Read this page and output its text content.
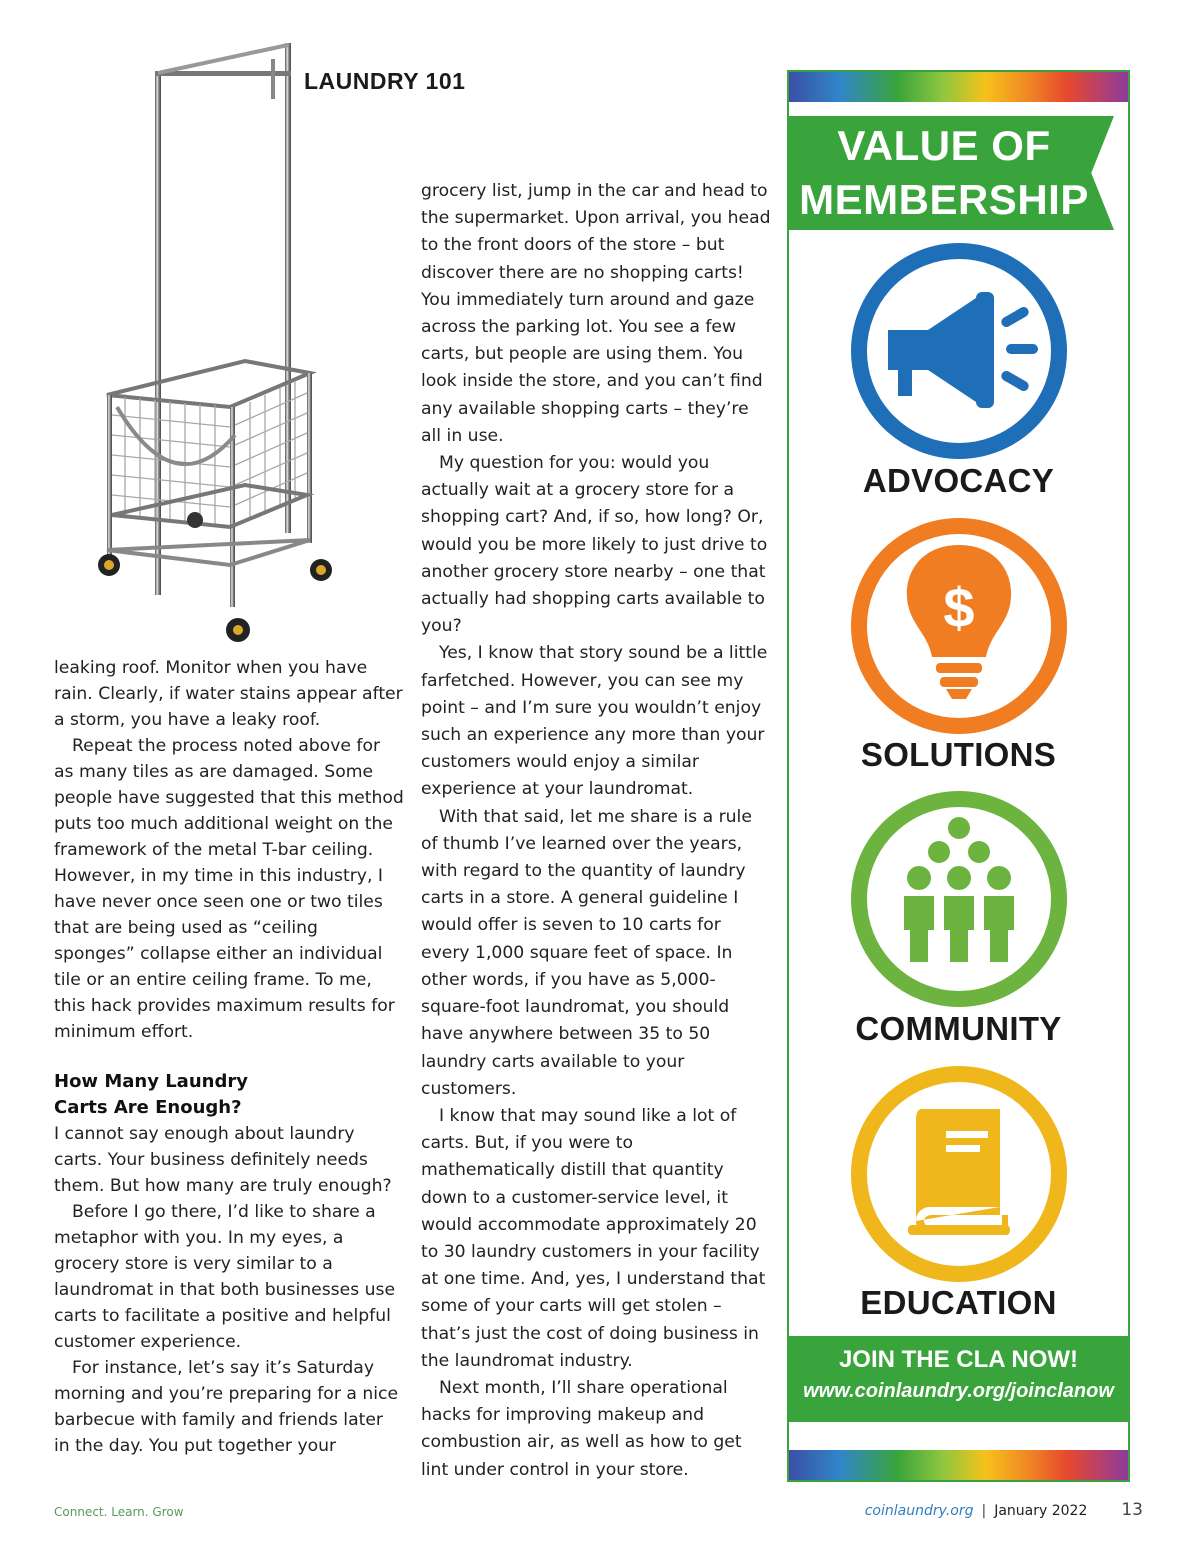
LAUNDRY 101

leaking roof. Monitor when you have rain. Clearly, if water stains appear after a storm, you have a leaky roof.

Repeat the process noted above for as many tiles as are damaged. Some people have suggested that this method puts too much additional weight on the framework of the metal T-bar ceiling. However, in my time in this industry, I have never once seen one or two tiles that are being used as “ceiling sponges” collapse either an individual tile or an entire ceiling frame. To me, this hack provides maximum results for minimum effort.

How Many Laundry
Carts Are Enough?

I cannot say enough about laundry carts. Your business definitely needs them. But how many are truly enough?

Before I go there, I’d like to share a metaphor with you. In my eyes, a grocery store is very similar to a laundromat in that both businesses use carts to facilitate a positive and helpful customer experience.

For instance, let’s say it’s Saturday morning and you’re preparing for a nice barbecue with family and friends later in the day. You put together your

grocery list, jump in the car and head to the supermarket. Upon arrival, you head to the front doors of the store – but discover there are no shopping carts! You immediately turn around and gaze across the parking lot. You see a few carts, but people are using them. You look inside the store, and you can’t find any available shopping carts – they’re all in use.

My question for you: would you actually wait at a grocery store for a shopping cart? And, if so, how long? Or, would you be more likely to just drive to another grocery store nearby – one that actually had shopping carts available to you?

Yes, I know that story sound be a little farfetched. However, you can see my point – and I’m sure you wouldn’t enjoy such an experience any more than your customers would enjoy a similar experience at your laundromat.

With that said, let me share is a rule of thumb I’ve learned over the years, with regard to the quantity of laundry carts in a store. A general guideline I would offer is seven to 10 carts for every 1,000 square feet of space. In other words, if you have as 5,000-square-foot laundromat, you should have anywhere between 35 to 50 laundry carts available to your customers.

I know that may sound like a lot of carts. But, if you were to mathematically distill that quantity down to a customer-service level, it would accommodate approximately 20 to 30 laundry customers in your facility at one time. And, yes, I understand that some of your carts will get stolen – that’s just the cost of doing business in the laundromat industry.

Next month, I’ll share operational hacks for improving makeup and combustion air, as well as how to get lint under control in your store.

VALUE OF
MEMBERSHIP
ADVOCACY
$
SOLUTIONS
COMMUNITY
EDUCATION
JOIN THE CLA NOW!
www.coinlaundry.org/joinclanow
Connect. Learn. Grow	coinlaundry.org | January 2022 13
